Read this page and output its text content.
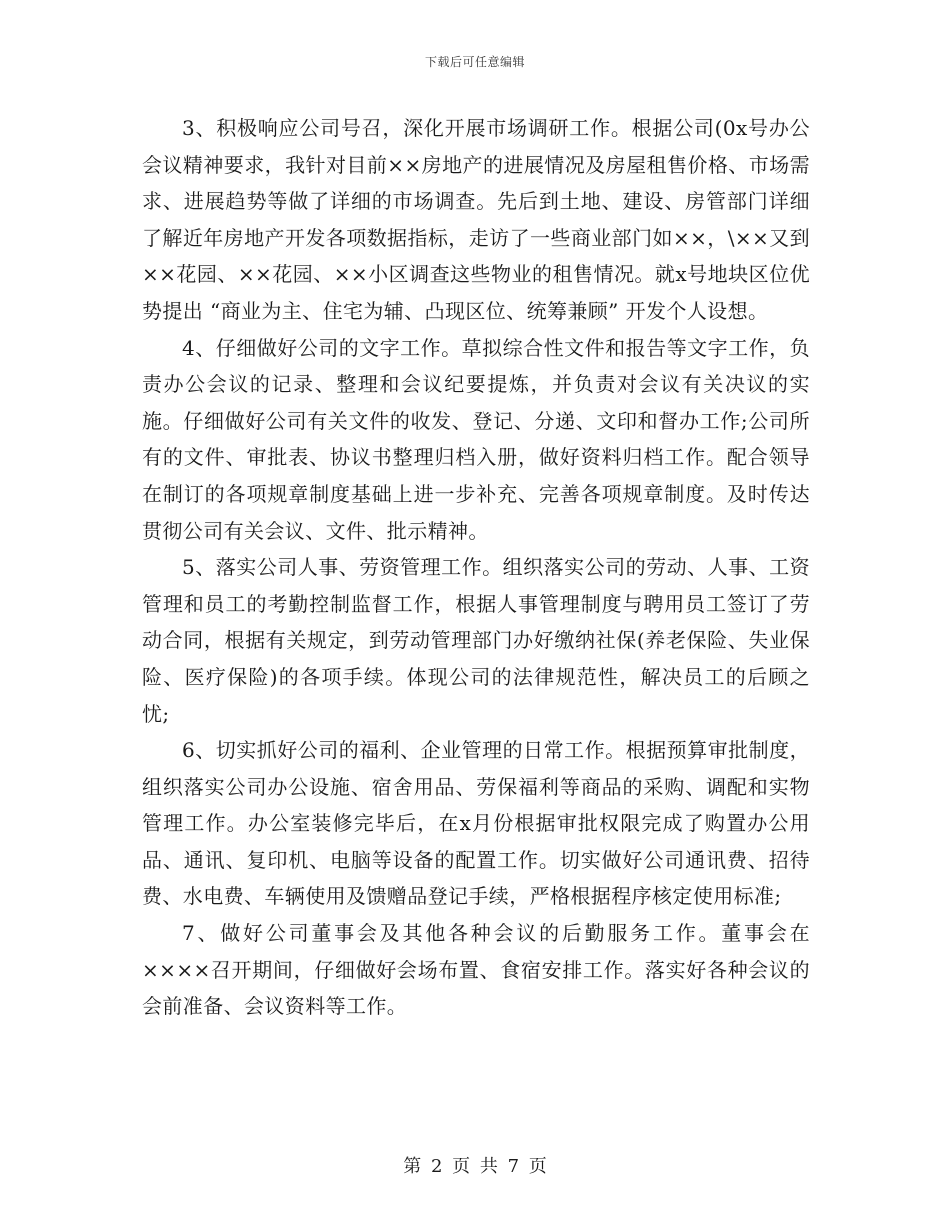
下载后可任意编辑

3、积极响应公司号召，深化开展市场调研工作。根据公司(0x号办公会议精神要求，我针对目前××房地产的进展情况及房屋租售价格、市场需求、进展趋势等做了详细的市场调查。先后到土地、建设、房管部门详细了解近年房地产开发各项数据指标，走访了一些商业部门如××，\××又到××花园、××花园、××小区调查这些物业的租售情况。就x号地块区位优势提出 “商业为主、住宅为辅、凸现区位、统筹兼顾” 开发个人设想。

4、仔细做好公司的文字工作。草拟综合性文件和报告等文字工作，负责办公会议的记录、整理和会议纪要提炼，并负责对会议有关决议的实施。仔细做好公司有关文件的收发、登记、分递、文印和督办工作;公司所有的文件、审批表、协议书整理归档入册，做好资料归档工作。配合领导在制订的各项规章制度基础上进一步补充、完善各项规章制度。及时传达贯彻公司有关会议、文件、批示精神。

5、落实公司人事、劳资管理工作。组织落实公司的劳动、人事、工资管理和员工的考勤控制监督工作，根据人事管理制度与聘用员工签订了劳动合同，根据有关规定，到劳动管理部门办好缴纳社保(养老保险、失业保险、医疗保险)的各项手续。体现公司的法律规范性，解决员工的后顾之忧;

6、切实抓好公司的福利、企业管理的日常工作。根据预算审批制度，组织落实公司办公设施、宿舍用品、劳保福利等商品的采购、调配和实物管理工作。办公室装修完毕后，在x月份根据审批权限完成了购置办公用品、通讯、复印机、电脑等设备的配置工作。切实做好公司通讯费、招待费、水电费、车辆使用及馈赠品登记手续，严格根据程序核定使用标准;

7、做好公司董事会及其他各种会议的后勤服务工作。董事会在××××召开期间，仔细做好会场布置、食宿安排工作。落实好各种会议的会前准备、会议资料等工作。

第 2 页 共 7 页
